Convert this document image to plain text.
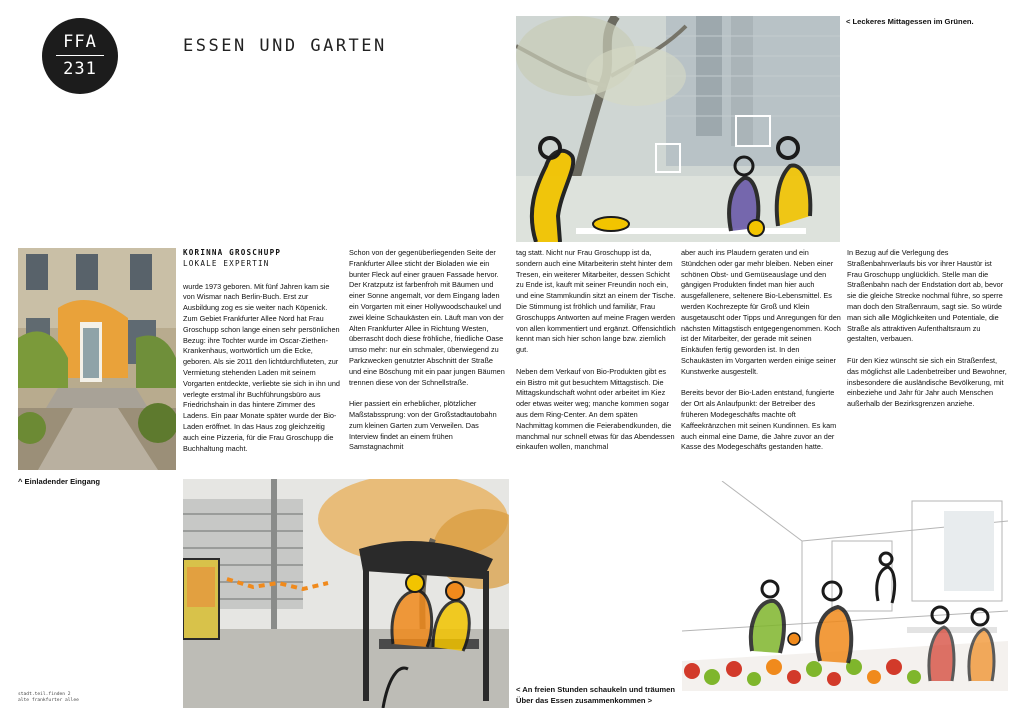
FFA
231
ESSEN UND GARTEN
< Leckeres Mittagessen im Grünen.
^ Einladender Eingang
KORINNA GROSCHUPP
LOKALE EXPERTIN

wurde 1973 geboren. Mit fünf Jahren kam sie von Wismar nach Berlin-Buch. Erst zur Ausbildung zog es sie weiter nach Köpenick. Zum Gebiet Frankfurter Allee Nord hat Frau Groschupp schon lange einen sehr persönlichen Bezug: ihre Tochter wurde im Oscar-Ziethen-Krankenhaus, wortwörtlich um die Ecke, geboren. Als sie 2011 den lichtdurchfluteten, zur Vermietung stehenden Laden mit seinem Vorgarten entdeckte, verliebte sie sich in ihn und verlegte erstmal ihr Buchführungsbüro aus Friedrichshain in das hintere Zimmer des Ladens. Ein paar Monate später wurde der Bio-Laden eröffnet. In das Haus zog gleichzeitig auch eine Pizzeria, für die Frau Groschupp die Buchhaltung macht.

Schon von der gegenüberliegenden Seite der Frankfurter Allee sticht der Bioladen wie ein bunter Fleck auf einer grauen Fassade hervor. Der Kratzputz ist farbenfroh mit Bäumen und einer Sonne angemalt, vor dem Eingang laden ein Vorgarten mit einer Hollywoodschaukel und zwei kleine Schaukästen ein. Läuft man von der Alten Frankfurter Allee in Richtung Westen, überrascht doch diese fröhliche, friedliche Oase umso mehr: nur ein schmaler, überwiegend zu Parkzwecken genutzter Abschnitt der Straße und eine Böschung mit ein paar jungen Bäumen trennen diese von der Schnellstraße.

Hier passiert ein erheblicher, plötzlicher Maßstabssprung: von der Großstadtautobahn zum kleinen Garten zum Verweilen. Das Interview findet an einem frühen Samstagnachmit

tag statt. Nicht nur Frau Groschupp ist da, sondern auch eine Mitarbeiterin steht hinter dem Tresen, ein weiterer Mitarbeiter, dessen Schicht zu Ende ist, kauft mit seiner Freundin noch ein, und eine Stammkundin sitzt an einem der Tische. Die Stimmung ist fröhlich und familiär, Frau Groschupps Antworten auf meine Fragen werden von allen kommentiert und ergänzt. Offensichtlich kennt man sich hier schon lange bzw. ziemlich gut.

Neben dem Verkauf von Bio-Produkten gibt es ein Bistro mit gut besuchtem Mittagstisch. Die Mittagskundschaft wohnt oder arbeitet im Kiez oder etwas weiter weg; manche kommen sogar aus dem Ring-Center. An dem späten Nachmittag kommen die Feierabendkunden, die manchmal nur schnell etwas für das Abendessen einkaufen wollen, manchmal

aber auch ins Plaudern geraten und ein Stündchen oder gar mehr bleiben. Neben einer schönen Obst- und Gemüseauslage und den gängigen Produkten findet man hier auch ausgefallenere, seltenere Bio-Lebensmittel. Es werden Kochrezepte für Groß und Klein ausgetauscht oder Tipps und Anregungen für den nächsten Mittagstisch entgegengenommen. Koch ist der Mitarbeiter, der gerade mit seinen Einkäufen fertig geworden ist. In den Schaukästen im Vorgarten werden einige seiner Kunstwerke ausgestellt.

Bereits bevor der Bio-Laden entstand, fungierte der Ort als Anlaufpunkt: der Betreiber des früheren Modegeschäfts machte oft Kaffeekränzchen mit seinen Kundinnen. Es kam auch einmal eine Dame, die Jahre zuvor an der Kasse des Modegeschäfts gestanden hatte.

In Bezug auf die Verlegung des Straßenbahnverlaufs bis vor ihrer Haustür ist Frau Groschupp unglücklich. Stelle man die Straßenbahn nach der Endstation dort ab, bevor sie die gleiche Strecke nochmal führe, so sperre man doch den Straßenraum, sagt sie. So würde man sich alle Möglichkeiten und Potentiale, die Straße als attraktiven Aufenthaltsraum zu gestalten, verbauen.

Für den Kiez wünscht sie sich ein Straßenfest, das möglichst alle Ladenbetreiber und Bewohner, insbesondere die ausländische Bevölkerung, mit einbeziehe und Jahr für Jahr auch Menschen außerhalb der Bezirksgrenzen anziehe.

< An freien Stunden schaukeln und träumen
Über das Essen zusammenkommen >
stadt.teil.finden 2
alte frankfurter allee
